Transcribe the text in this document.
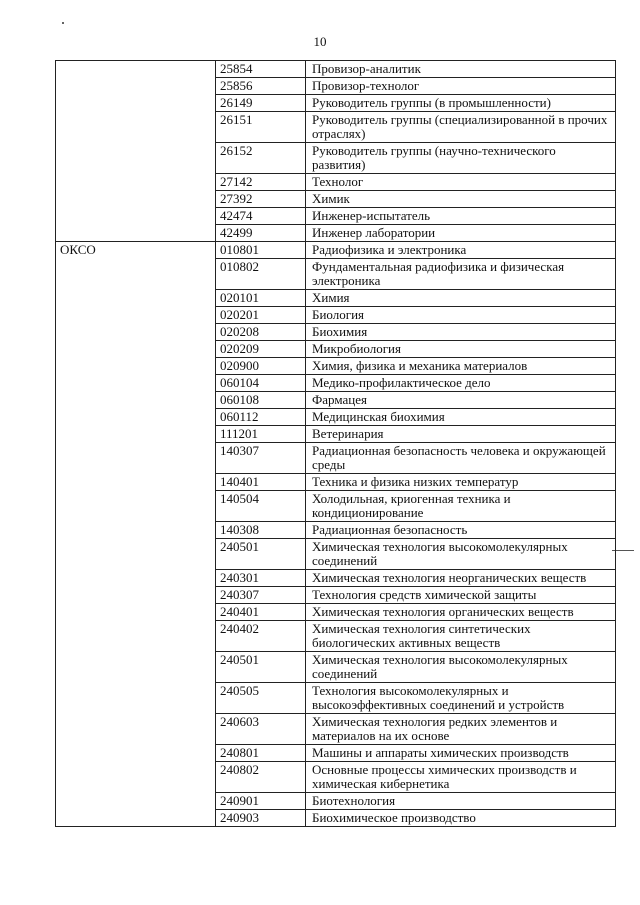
10
	25854	Провизор-аналитик
	25856	Провизор-технолог
	26149	Руководитель группы (в промышленности)
	26151	Руководитель группы (специализированной в прочих отраслях)
	26152	Руководитель группы (научно-технического развития)
	27142	Технолог
	27392	Химик
	42474	Инженер-испытатель
	42499	Инженер лаборатории
ОКСО	010801	Радиофизика и электроника
	010802	Фундаментальная радиофизика и физическая электроника
	020101	Химия
	020201	Биология
	020208	Биохимия
	020209	Микробиология
	020900	Химия, физика и механика материалов
	060104	Медико-профилактическое дело
	060108	Фармацея
	060112	Медицинская биохимия
	111201	Ветеринария
	140307	Радиационная безопасность человека и окружающей среды
	140401	Техника и физика низких температур
	140504	Холодильная, криогенная техника и кондиционирование
	140308	Радиационная безопасность
	240501	Химическая технология высокомолекулярных соединений
	240301	Химическая технология неорганических веществ
	240307	Технология средств химической защиты
	240401	Химическая технология органических веществ
	240402	Химическая технология синтетических биологических активных веществ
	240501	Химическая технология высокомолекулярных соединений
	240505	Технология высокомолекулярных и высокоэффективных соединений и устройств
	240603	Химическая технология редких элементов и материалов на их основе
	240801	Машины и аппараты химических производств
	240802	Основные процессы химических производств и химическая кибернетика
	240901	Биотехнология
	240903	Биохимическое производство
